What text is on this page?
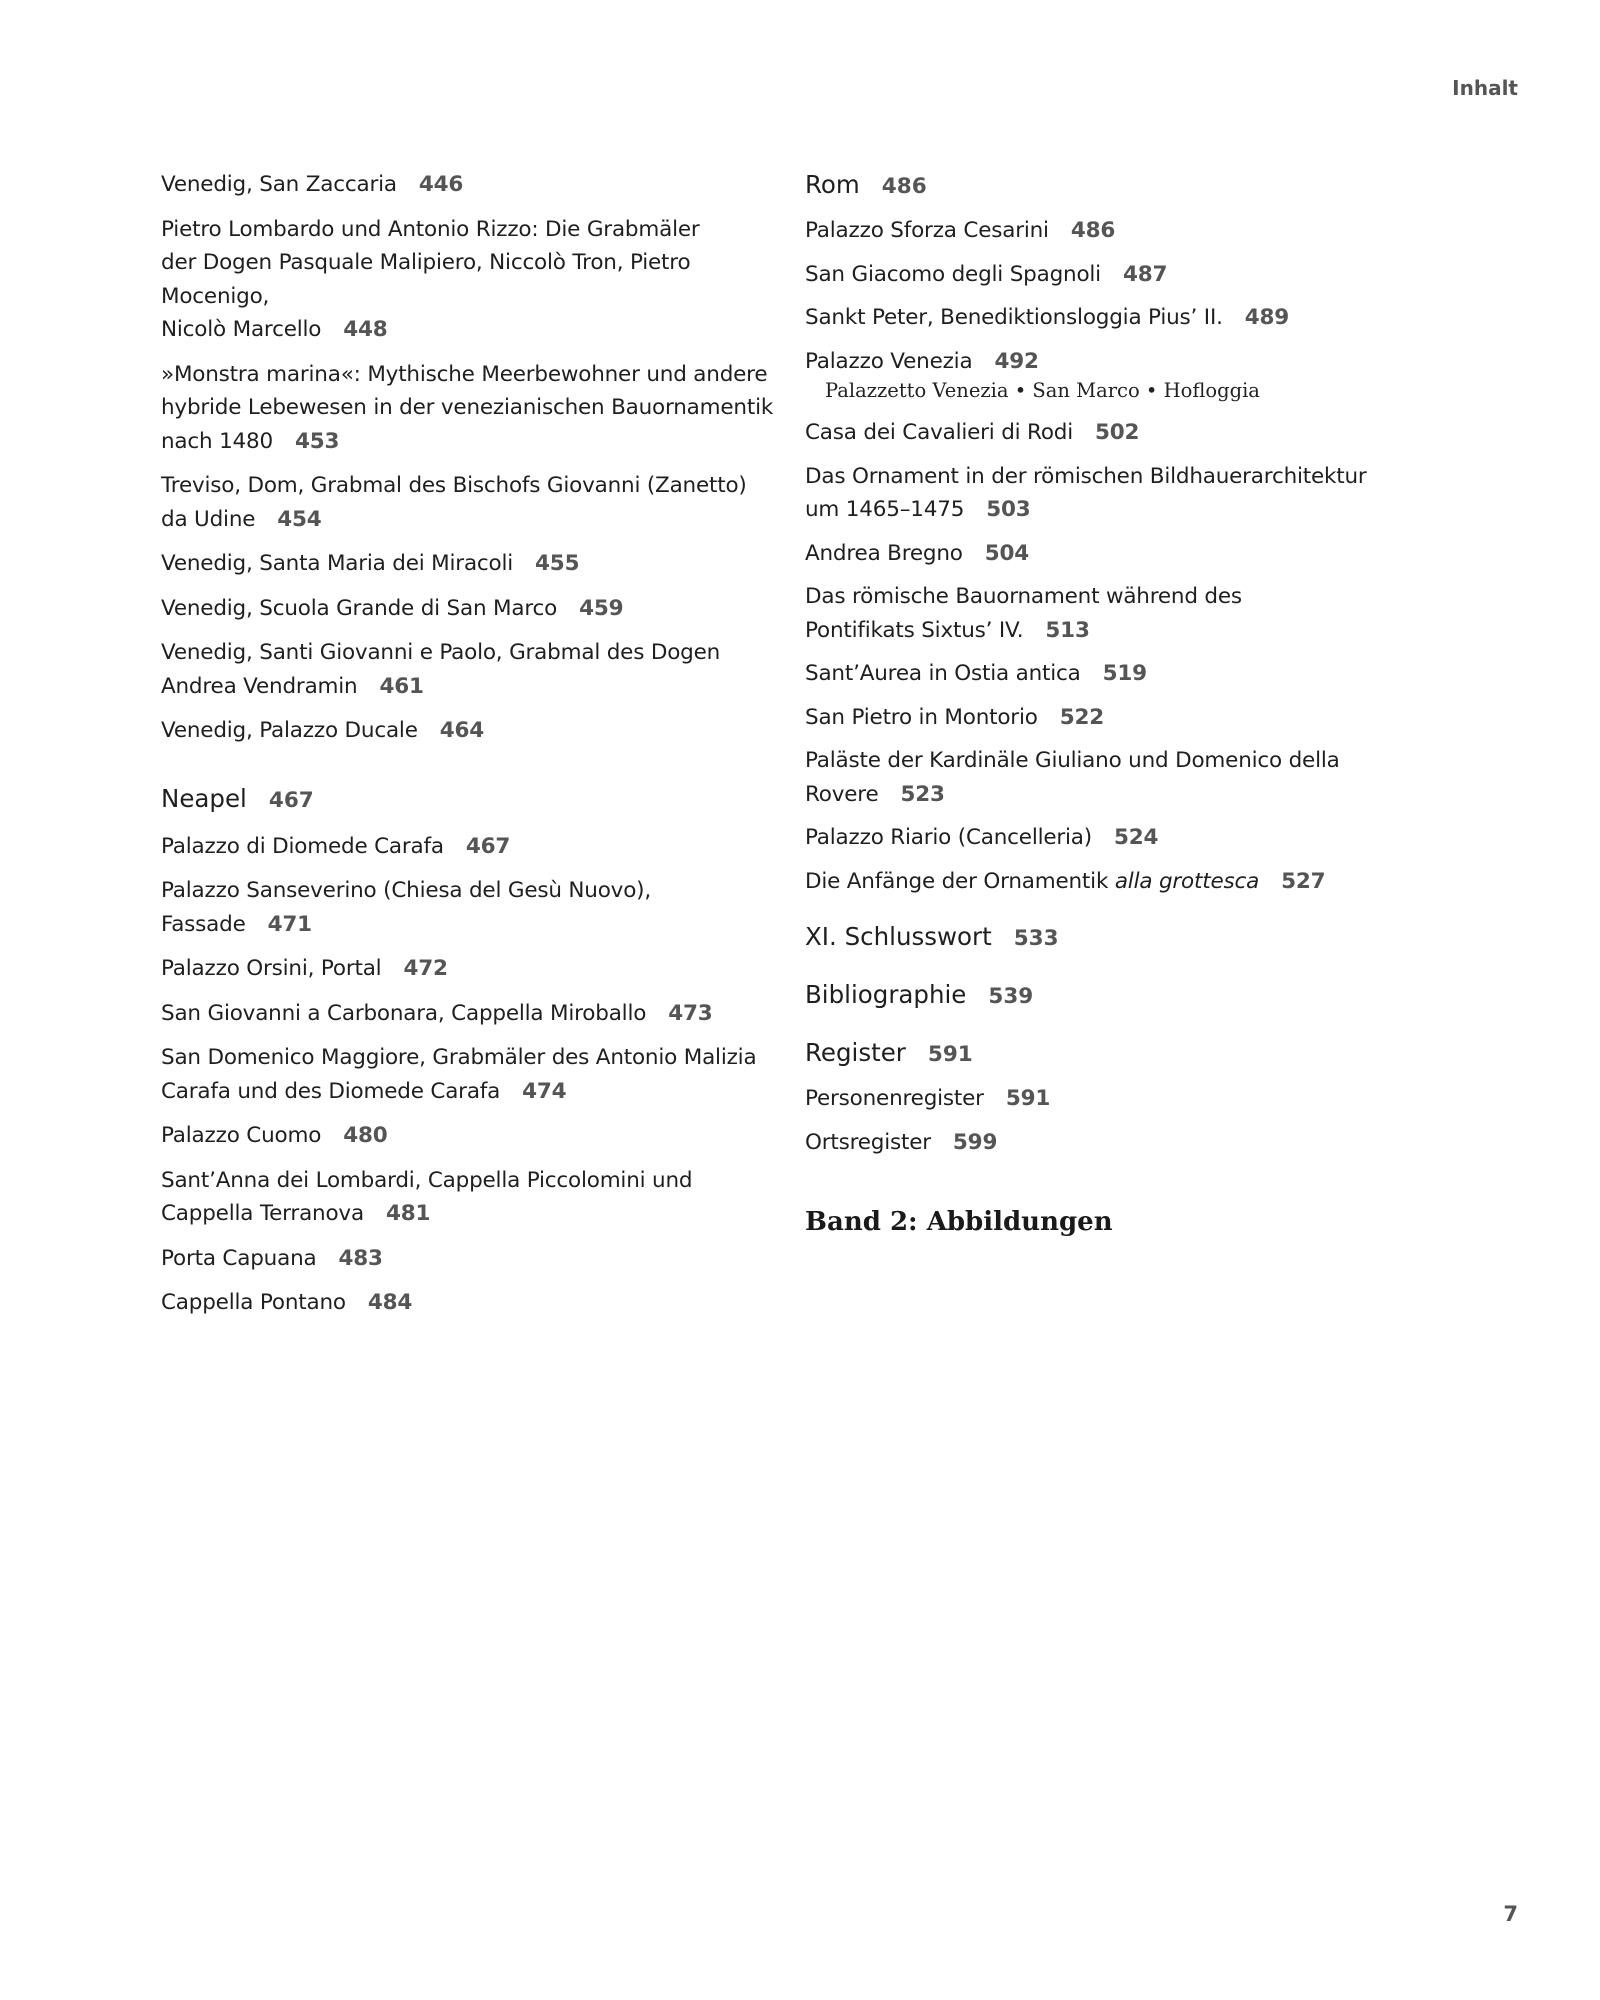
Inhalt
Venedig, San Zaccaria 446
Pietro Lombardo und Antonio Rizzo: Die Grabmäler
der Dogen Pasquale Malipiero, Niccolò Tron, Pietro Mocenigo,
Nicolò Marcello 448
»Monstra marina«: Mythische Meerbewohner und andere
hybride Lebewesen in der venezianischen Bauornamentik
nach 1480 453
Treviso, Dom, Grabmal des Bischofs Giovanni (Zanetto)
da Udine 454
Venedig, Santa Maria dei Miracoli 455
Venedig, Scuola Grande di San Marco 459
Venedig, Santi Giovanni e Paolo, Grabmal des Dogen
Andrea Vendramin 461
Venedig, Palazzo Ducale 464
Neapel 467
Palazzo di Diomede Carafa 467
Palazzo Sanseverino (Chiesa del Gesù Nuovo), Fassade 471
Palazzo Orsini, Portal 472
San Giovanni a Carbonara, Cappella Miroballo 473
San Domenico Maggiore, Grabmäler des Antonio Malizia
Carafa und des Diomede Carafa 474
Palazzo Cuomo 480
Sant’Anna dei Lombardi, Cappella Piccolomini und
Cappella Terranova 481
Porta Capuana 483
Cappella Pontano 484
Rom 486
Palazzo Sforza Cesarini 486
San Giacomo degli Spagnoli 487
Sankt Peter, Benediktionsloggia Pius’ II. 489
Palazzo Venezia 492
Palazzetto Venezia • San Marco • Hofloggia
Casa dei Cavalieri di Rodi 502
Das Ornament in der römischen Bildhauerarchitektur
um 1465–1475 503
Andrea Bregno 504
Das römische Bauornament während des
Pontifikats Sixtus’ IV. 513
Sant’Aurea in Ostia antica 519
San Pietro in Montorio 522
Paläste der Kardinäle Giuliano und Domenico della Rovere 523
Palazzo Riario (Cancelleria) 524
Die Anfänge der Ornamentik alla grottesca 527
XI. Schlusswort 533
Bibliographie 539
Register 591
Personenregister 591
Ortsregister 599
Band 2: Abbildungen
7
